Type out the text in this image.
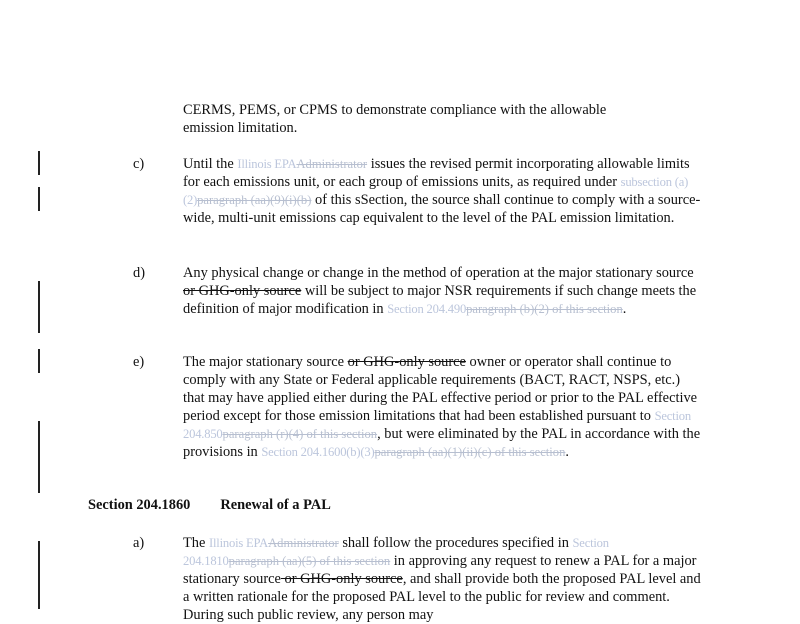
CERMS, PEMS, or CPMS to demonstrate compliance with the allowable

emission limitation.

c)	Until the Illinois EPAAdministrator issues the revised permit incorporating allowable limits for each emissions unit, or each group of emissions units, as required under subsection (a)(2)paragraph (aa)(9)(i)(b) of this sSection, the source shall continue to comply with a source-wide, multi-unit emissions cap equivalent to the level of the PAL emission limitation.

d)	Any physical change or change in the method of operation at the major stationary source or GHG-only source will be subject to major NSR requirements if such change meets the definition of major modification in Section 204.490paragraph (b)(2) of this section.

e)	The major stationary source or GHG-only source owner or operator shall continue to comply with any State or Federal applicable requirements (BACT, RACT, NSPS, etc.) that may have applied either during the PAL effective period or prior to the PAL effective period except for those emission limitations that had been established pursuant to Section 204.850paragraph (r)(4) of this section, but were eliminated by the PAL in accordance with the provisions in Section 204.1600(b)(3)paragraph (aa)(1)(ii)(c) of this section.

Section 204.1860 Renewal of a PAL
a)	The Illinois EPAAdministrator shall follow the procedures specified in Section 204.1810paragraph (aa)(5) of this section in approving any request to renew a PAL for a major stationary source or GHG-only source, and shall provide both the proposed PAL level and a written rationale for the proposed PAL level to the public for review and comment. During such public review, any person may
